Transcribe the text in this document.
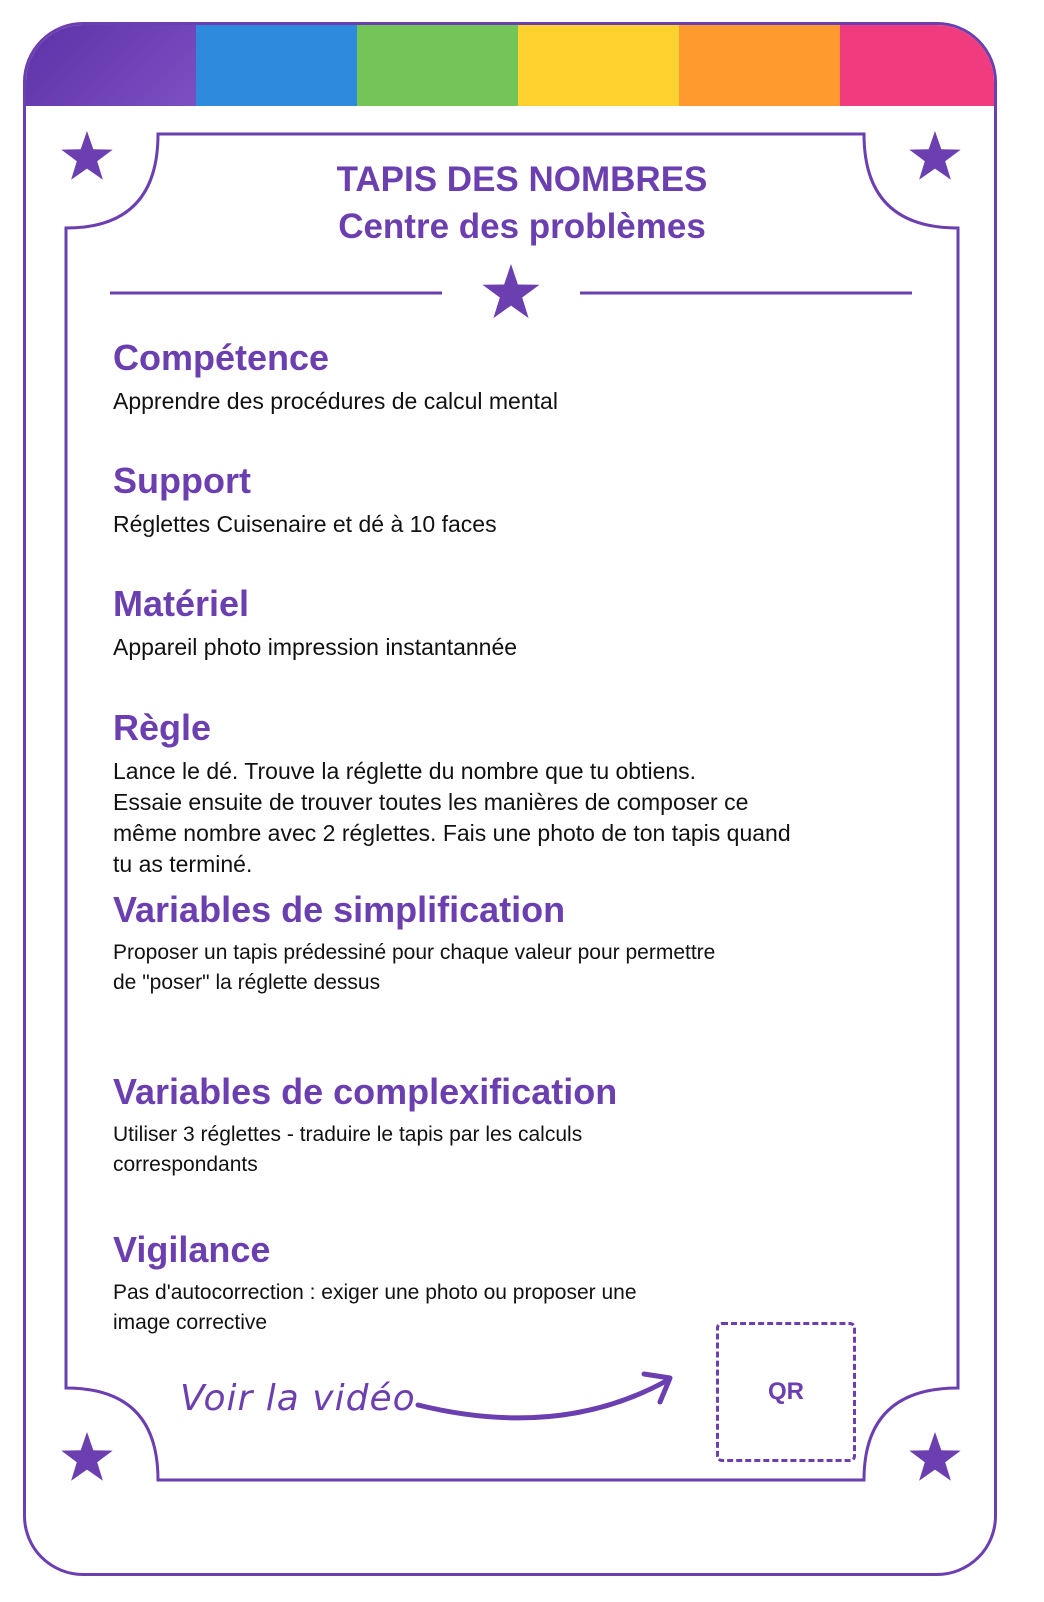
TAPIS DES NOMBRES
Centre des problèmes
Compétence
Apprendre des procédures de calcul mental
Support
Réglettes Cuisenaire et dé à 10 faces
Matériel
Appareil photo impression instantannée
Règle
Lance le dé. Trouve la réglette du nombre que tu obtiens.
Essaie ensuite de trouver toutes les manières de composer ce
même nombre avec 2 réglettes. Fais une photo de ton tapis quand
tu as terminé.
Variables de simplification
Proposer un tapis prédessiné pour chaque valeur pour permettre
de "poser" la réglette dessus
Variables de complexification
Utiliser 3 réglettes - traduire le tapis par les calculs
correspondants
Vigilance
Pas d'autocorrection : exiger une photo ou proposer une
image corrective
Voir la vidéo	QR
